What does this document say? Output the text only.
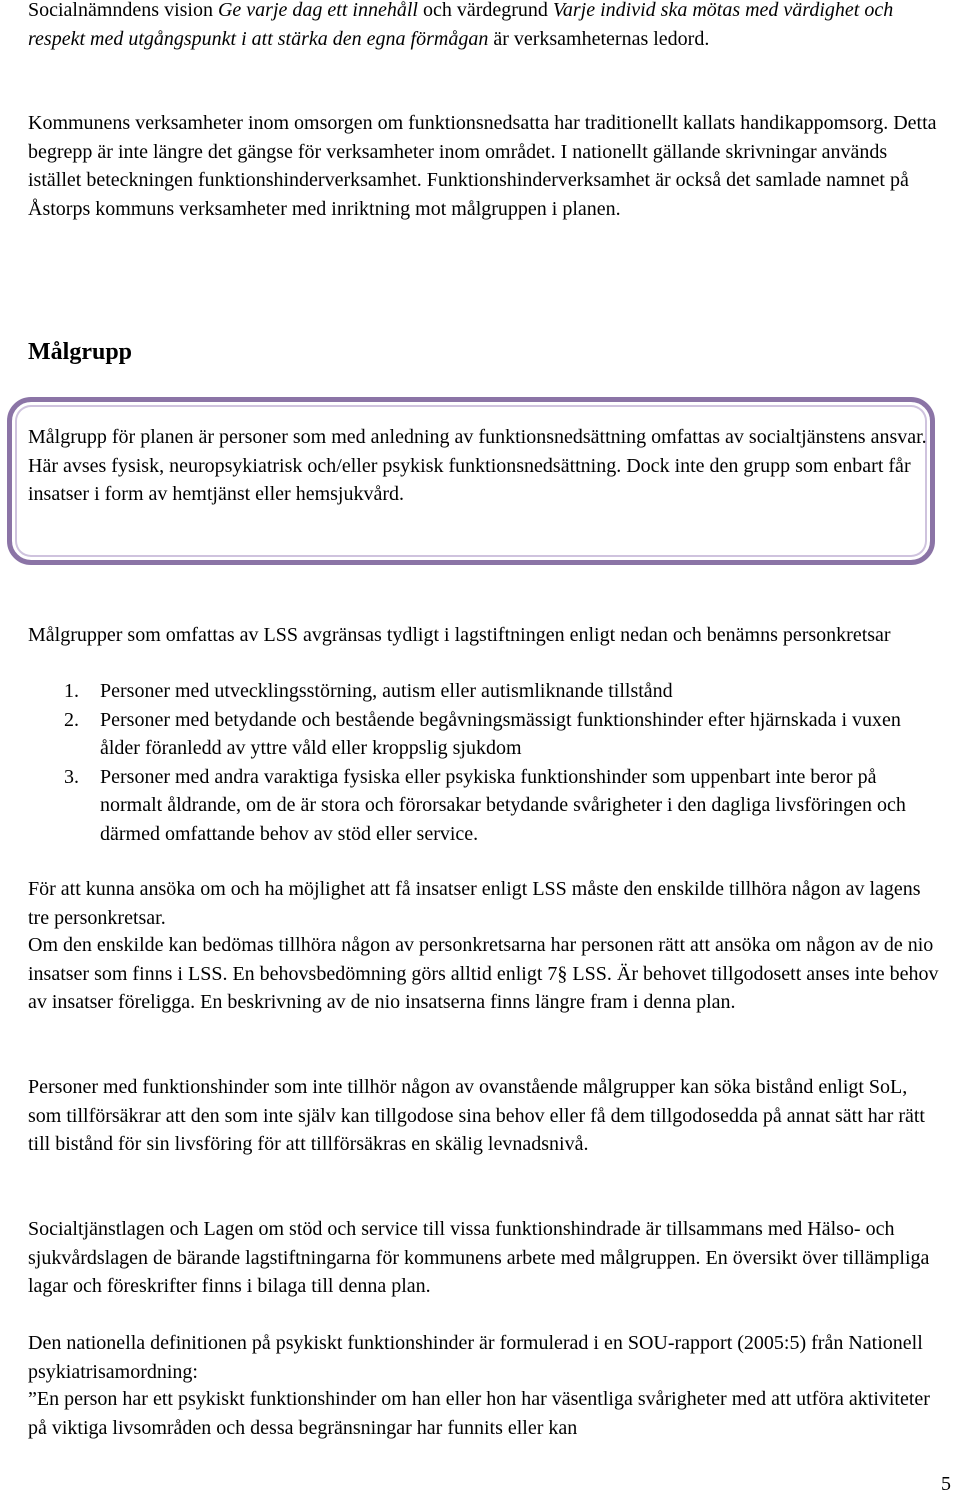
Socialnämndens vision Ge varje dag ett innehåll och värdegrund Varje individ ska mötas med värdighet och respekt med utgångspunkt i att stärka den egna förmågan är verksamheternas ledord.

Kommunens verksamheter inom omsorgen om funktionsnedsatta har traditionellt kallats handikappomsorg. Detta begrepp är inte längre det gängse för verksamheter inom området. I nationellt gällande skrivningar används istället beteckningen funktionshinderverksamhet. Funktionshinderverksamhet är också det samlade namnet på Åstorps kommuns verksamheter med inriktning mot målgruppen i planen.

Målgrupp

Målgrupp för planen är personer som med anledning av funktionsnedsättning omfattas av socialtjänstens ansvar. Här avses fysisk, neuropsykiatrisk och/eller psykisk funktionsnedsättning. Dock inte den grupp som enbart får insatser i form av hemtjänst eller hemsjukvård.

Målgrupper som omfattas av LSS avgränsas tydligt i lagstiftningen enligt nedan och benämns personkretsar

1. Personer med utvecklingsstörning, autism eller autismliknande tillstånd
2. Personer med betydande och bestående begåvningsmässigt funktionshinder efter hjärnskada i vuxen ålder föranledd av yttre våld eller kroppslig sjukdom
3. Personer med andra varaktiga fysiska eller psykiska funktionshinder som uppenbart inte beror på normalt åldrande, om de är stora och förorsakar betydande svårigheter i den dagliga livsföringen och därmed omfattande behov av stöd eller service.

För att kunna ansöka om och ha möjlighet att få insatser enligt LSS måste den enskilde tillhöra någon av lagens tre personkretsar.

Om den enskilde kan bedömas tillhöra någon av personkretsarna har personen rätt att ansöka om någon av de nio insatser som finns i LSS. En behovsbedömning görs alltid enligt 7§ LSS. Är behovet tillgodosett anses inte behov av insatser föreligga. En beskrivning av de nio insatserna finns längre fram i denna plan.

Personer med funktionshinder som inte tillhör någon av ovanstående målgrupper kan söka bistånd enligt SoL, som tillförsäkrar att den som inte själv kan tillgodose sina behov eller få dem tillgodosedda på annat sätt har rätt till bistånd för sin livsföring för att tillförsäkras en skälig levnadsnivå.

Socialtjänstlagen och Lagen om stöd och service till vissa funktionshindrade är tillsammans med Hälso- och sjukvårdslagen de bärande lagstiftningarna för kommunens arbete med målgruppen. En översikt över tillämpliga lagar och föreskrifter finns i bilaga till denna plan.

Den nationella definitionen på psykiskt funktionshinder är formulerad i en SOU-rapport (2005:5) från Nationell psykiatrisamordning:

”En person har ett psykiskt funktionshinder om han eller hon har väsentliga svårigheter med att utföra aktiviteter på viktiga livsområden och dessa begränsningar har funnits eller kan

5
